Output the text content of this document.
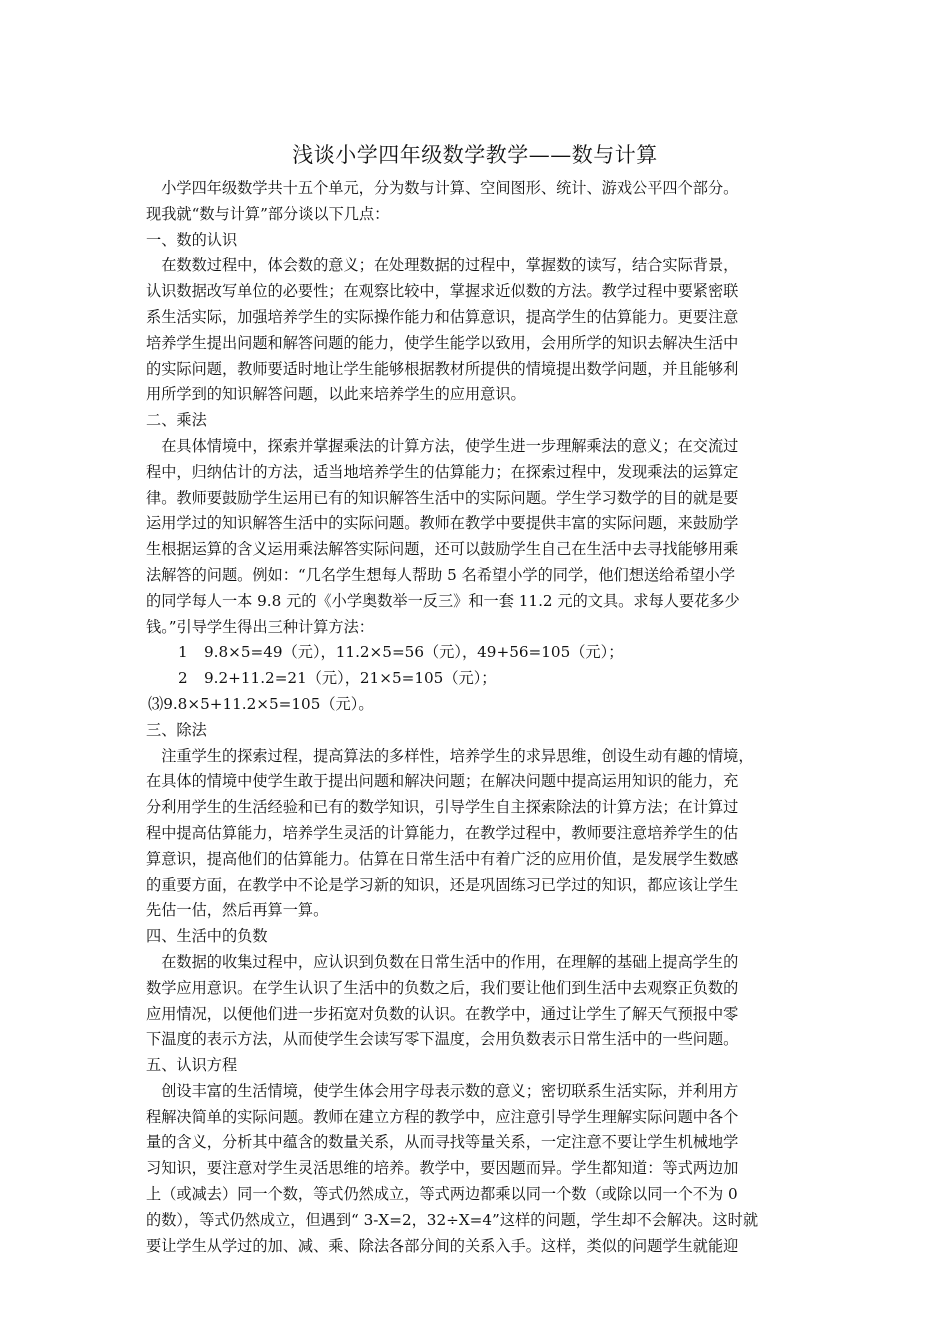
浅谈小学四年级数学教学——数与计算
小学四年级数学共十五个单元，分为数与计算、空间图形、统计、游戏公平四个部分。
现我就“数与计算”部分谈以下几点：
一、数的认识
在数数过程中，体会数的意义；在处理数据的过程中，掌握数的读写，结合实际背景，
认识数据改写单位的必要性；在观察比较中，掌握求近似数的方法。教学过程中要紧密联
系生活实际，加强培养学生的实际操作能力和估算意识，提高学生的估算能力。更要注意
培养学生提出问题和解答问题的能力，使学生能学以致用，会用所学的知识去解决生活中
的实际问题，教师要适时地让学生能够根据教材所提供的情境提出数学问题，并且能够利
用所学到的知识解答问题，以此来培养学生的应用意识。
二、乘法
在具体情境中，探索并掌握乘法的计算方法，使学生进一步理解乘法的意义；在交流过
程中，归纳估计的方法，适当地培养学生的估算能力；在探索过程中，发现乘法的运算定
律。教师要鼓励学生运用已有的知识解答生活中的实际问题。学生学习数学的目的就是要
运用学过的知识解答生活中的实际问题。教师在教学中要提供丰富的实际问题，来鼓励学
生根据运算的含义运用乘法解答实际问题，还可以鼓励学生自己在生活中去寻找能够用乘
法解答的问题。例如：“几名学生想每人帮助 5 名希望小学的同学，他们想送给希望小学
的同学每人一本 9.8 元的《小学奥数举一反三》和一套 11.2 元的文具。求每人要花多少
钱。”引导学生得出三种计算方法：
1 9.8×5=49（元），11.2×5=56（元），49+56=105（元）；
2 9.2+11.2=21（元），21×5=105（元）；
⑶9.8×5+11.2×5=105（元）。
三、除法
注重学生的探索过程，提高算法的多样性，培养学生的求异思维，创设生动有趣的情境，
在具体的情境中使学生敢于提出问题和解决问题；在解决问题中提高运用知识的能力，充
分利用学生的生活经验和已有的数学知识，引导学生自主探索除法的计算方法；在计算过
程中提高估算能力，培养学生灵活的计算能力，在教学过程中，教师要注意培养学生的估
算意识，提高他们的估算能力。估算在日常生活中有着广泛的应用价值，是发展学生数感
的重要方面，在教学中不论是学习新的知识，还是巩固练习已学过的知识，都应该让学生
先估一估，然后再算一算。
四、生活中的负数
在数据的收集过程中，应认识到负数在日常生活中的作用，在理解的基础上提高学生的
数学应用意识。在学生认识了生活中的负数之后，我们要让他们到生活中去观察正负数的
应用情况，以便他们进一步拓宽对负数的认识。在教学中，通过让学生了解天气预报中零
下温度的表示方法，从而使学生会读写零下温度，会用负数表示日常生活中的一些问题。
五、认识方程
创设丰富的生活情境，使学生体会用字母表示数的意义；密切联系生活实际，并利用方
程解决简单的实际问题。教师在建立方程的教学中，应注意引导学生理解实际问题中各个
量的含义，分析其中蕴含的数量关系，从而寻找等量关系，一定注意不要让学生机械地学
习知识，要注意对学生灵活思维的培养。教学中，要因题而异。学生都知道：等式两边加
上（或减去）同一个数，等式仍然成立，等式两边都乘以同一个数（或除以同一个不为 0
的数），等式仍然成立，但遇到“ 3-X=2，32÷X=4”这样的问题，学生却不会解决。这时就
要让学生从学过的加、减、乘、除法各部分间的关系入手。这样，类似的问题学生就能迎
